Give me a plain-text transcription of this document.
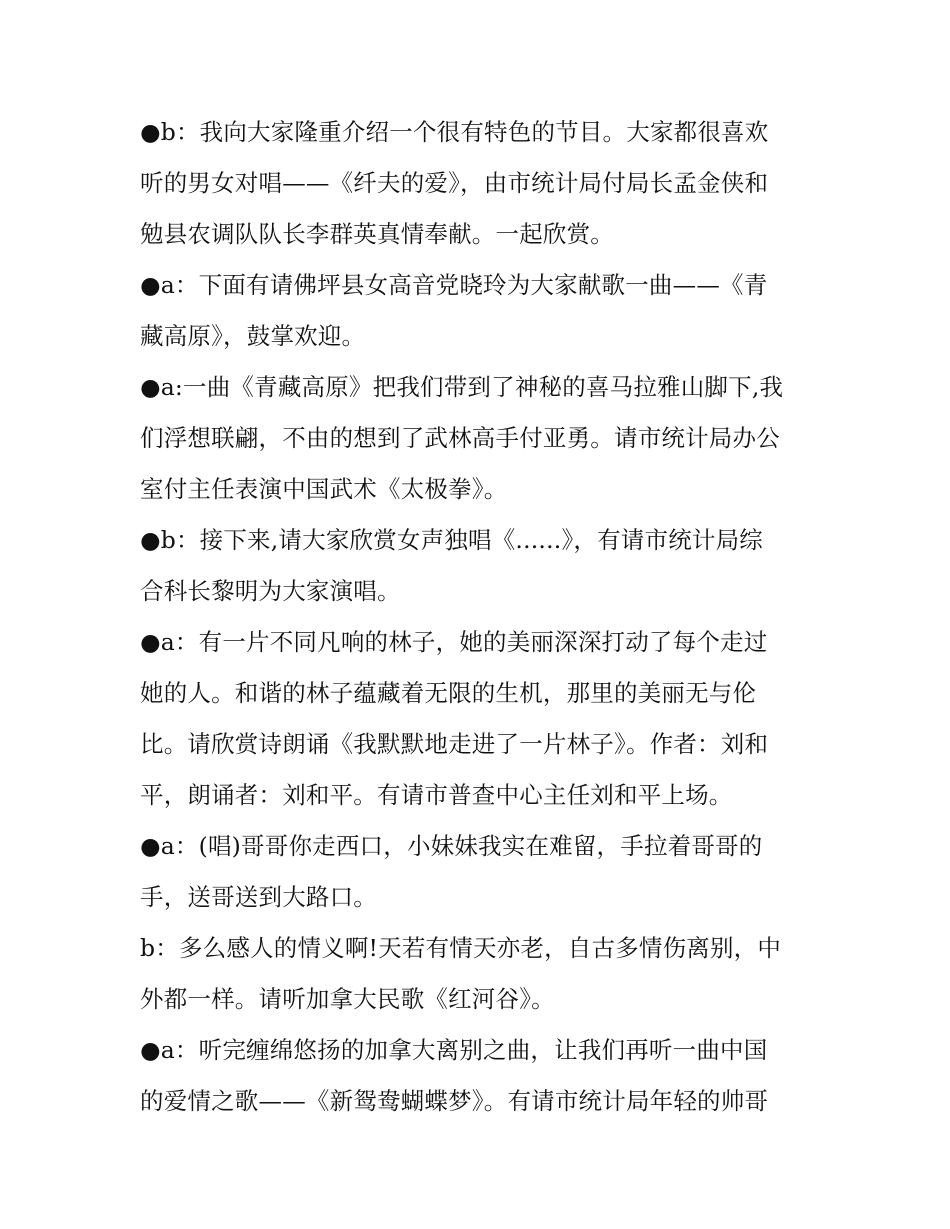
●b：我向大家隆重介绍一个很有特色的节目。大家都很喜欢
听的男女对唱——《纤夫的爱》，由市统计局付局长孟金侠和
勉县农调队队长李群英真情奉献。一起欣赏。
●a：下面有请佛坪县女高音党晓玲为大家献歌一曲——《青
藏高原》，鼓掌欢迎。
●a:一曲《青藏高原》把我们带到了神秘的喜马拉雅山脚下,我
们浮想联翩，不由的想到了武林高手付亚勇。请市统计局办公
室付主任表演中国武术《太极拳》。
●b：接下来,请大家欣赏女声独唱《......》，有请市统计局综
合科长黎明为大家演唱。
●a：有一片不同凡响的林子，她的美丽深深打动了每个走过
她的人。和谐的林子蕴藏着无限的生机，那里的美丽无与伦
比。请欣赏诗朗诵《我默默地走进了一片林子》。作者：刘和
平，朗诵者：刘和平。有请市普查中心主任刘和平上场。
●a：(唱)哥哥你走西口，小妹妹我实在难留，手拉着哥哥的
手，送哥送到大路口。
b：多么感人的情义啊!天若有情天亦老，自古多情伤离别，中
外都一样。请听加拿大民歌《红河谷》。
●a：听完缠绵悠扬的加拿大离别之曲，让我们再听一曲中国
的爱情之歌——《新鸳鸯蝴蝶梦》。有请市统计局年轻的帅哥
